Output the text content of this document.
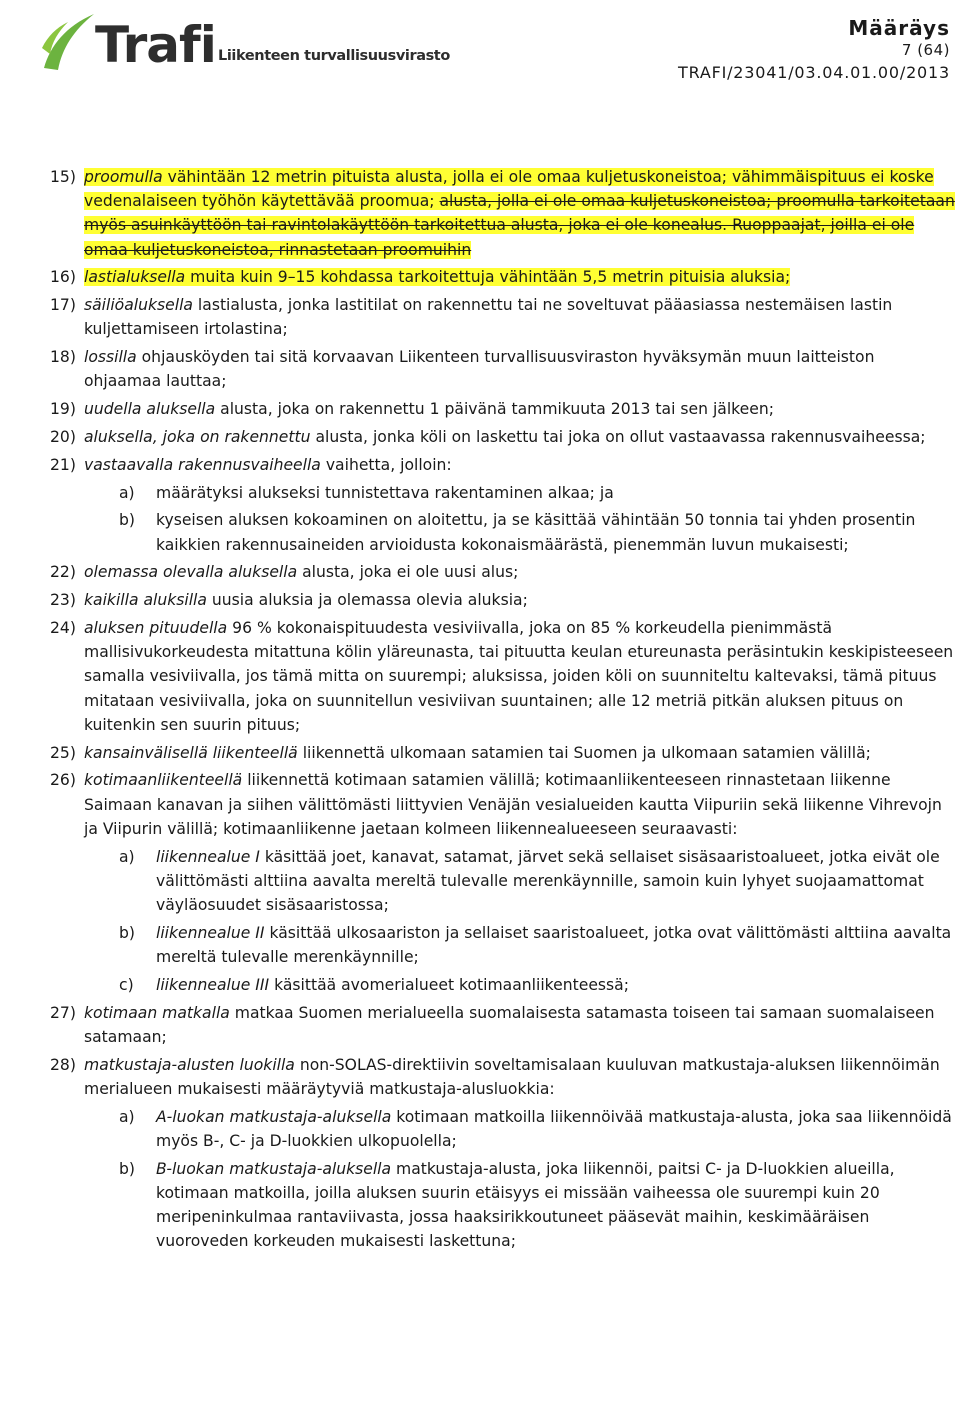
Trafi Liikenteen turvallisuusvirasto
Määräys
7 (64)
TRAFI/23041/03.04.01.00/2013
15) proomulla vähintään 12 metrin pituista alusta, jolla ei ole omaa kuljetuskoneistoa; vähimmäispituus ei koske vedenalaiseen työhön käytettävää proomua; alusta, jolla ei ole omaa kuljetuskoneistoa; proomulla tarkoitetaan myös asuinkäyttöön tai ravintolakäyttöön tarkoitettua alusta, joka ei ole konealus. Ruoppaajat, joilla ei ole omaa kuljetuskoneistoa, rinnastetaan proomuihin
16) lastialuksella muita kuin 9–15 kohdassa tarkoitettuja vähintään 5,5 metrin pituisia aluksia;
17) säiliöaluksella lastialusta, jonka lastitilat on rakennettu tai ne soveltuvat pääasiassa nestemäisen lastin kuljettamiseen irtolastina;
18) lossilla ohjausköyden tai sitä korvaavan Liikenteen turvallisuusviraston hyväksymän muun laitteiston ohjaamaa lauttaa;
19) uudella aluksella alusta, joka on rakennettu 1 päivänä tammikuuta 2013 tai sen jälkeen;
20) aluksella, joka on rakennettu alusta, jonka köli on laskettu tai joka on ollut vastaavassa rakennusvaiheessa;
21) vastaavalla rakennusvaiheella vaihetta, jolloin:
a) määrätyksi alukseksi tunnistettava rakentaminen alkaa; ja
b) kyseisen aluksen kokoaminen on aloitettu, ja se käsittää vähintään 50 tonnia tai yhden prosentin kaikkien rakennusaineiden arvioidusta kokonaismäärästä, pienemmän luvun mukaisesti;
22) olemassa olevalla aluksella alusta, joka ei ole uusi alus;
23) kaikilla aluksilla uusia aluksia ja olemassa olevia aluksia;
24) aluksen pituudella 96 % kokonaispituudesta vesiviivalla, joka on 85 % korkeudella pienimmästä mallisivukorkeudesta mitattuna kölin yläreunasta, tai pituutta keulan etureunasta peräsintukin keskipisteeseen samalla vesiviivalla, jos tämä mitta on suurempi; aluksissa, joiden köli on suunniteltu kaltevaksi, tämä pituus mitataan vesiviivalla, joka on suunnitellun vesiviivan suuntainen; alle 12 metriä pitkän aluksen pituus on kuitenkin sen suurin pituus;
25) kansainvälisellä liikenteellä liikennettä ulkomaan satamien tai Suomen ja ulkomaan satamien välillä;
26) kotimaanliikenteellä liikennettä kotimaan satamien välillä; kotimaanliikenteeseen rinnastetaan liikenne Saimaan kanavan ja siihen välittömästi liittyvien Venäjän vesialueiden kautta Viipuriin sekä liikenne Vihrevojn ja Viipurin välillä; kotimaanliikenne jaetaan kolmeen liikennealueeseen seuraavasti:
a) liikennealue I käsittää joet, kanavat, satamat, järvet sekä sellaiset sisäsaaristoalueet, jotka eivät ole välittömästi alttiina aavalta mereltä tulevalle merenkäynnille, samoin kuin lyhyet suojaamattomat väyläosuudet sisäsaaristossa;
b) liikennealue II käsittää ulkosaariston ja sellaiset saaristoalueet, jotka ovat välittömästi alttiina aavalta mereltä tulevalle merenkäynnille;
c) liikennealue III käsittää avomerialueet kotimaanliikenteessä;
27) kotimaan matkalla matkaa Suomen merialueella suomalaisesta satamasta toiseen tai samaan suomalaiseen satamaan;
28) matkustaja-alusten luokilla non-SOLAS-direktiivin soveltamisalaan kuuluvan matkustaja-aluksen liikennöimän merialueen mukaisesti määräytyviä matkustaja-alusluokkia:
a) A-luokan matkustaja-aluksella kotimaan matkoilla liikennöivää matkustaja-alusta, joka saa liikennöidä myös B-, C- ja D-luokkien ulkopuolella;
b) B-luokan matkustaja-aluksella matkustaja-alusta, joka liikennöi, paitsi C- ja D-luokkien alueilla, kotimaan matkoilla, joilla aluksen suurin etäisyys ei missään vaiheessa ole suurempi kuin 20 meripeninkulmaa rantaviivasta, jossa haaksirikkoutuneet pääsevät maihin, keskimääräisen vuoroveden korkeuden mukaisesti laskettuna;
